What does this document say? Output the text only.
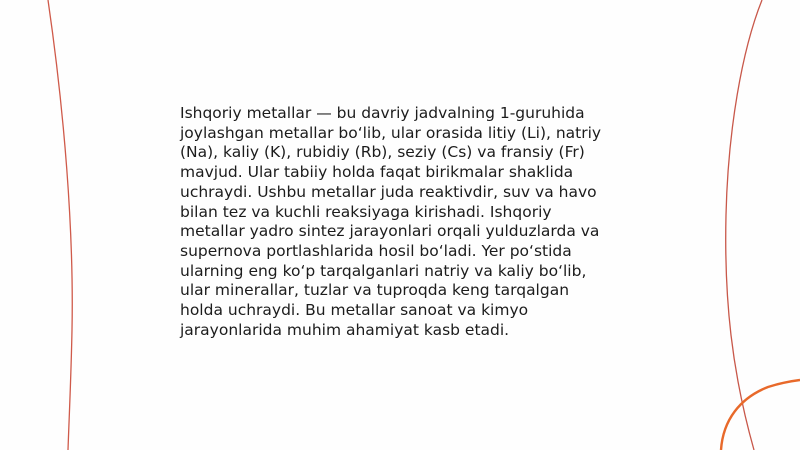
Ishqoriy metallar — bu davriy jadvalning 1-guruhida
joylashgan metallar bo‘lib, ular orasida litiy (Li), natriy
(Na), kaliy (K), rubidiy (Rb), seziy (Cs) va fransiy (Fr)
mavjud. Ular tabiiy holda faqat birikmalar shaklida
uchraydi. Ushbu metallar juda reaktivdir, suv va havo
bilan tez va kuchli reaksiyaga kirishadi. Ishqoriy
metallar yadro sintez jarayonlari orqali yulduzlarda va
supernova portlashlarida hosil bo‘ladi. Yer po‘stida
ularning eng ko‘p tarqalganlari natriy va kaliy bo‘lib,
ular minerallar, tuzlar va tuproqda keng tarqalgan
holda uchraydi. Bu metallar sanoat va kimyo
jarayonlarida muhim ahamiyat kasb etadi.
